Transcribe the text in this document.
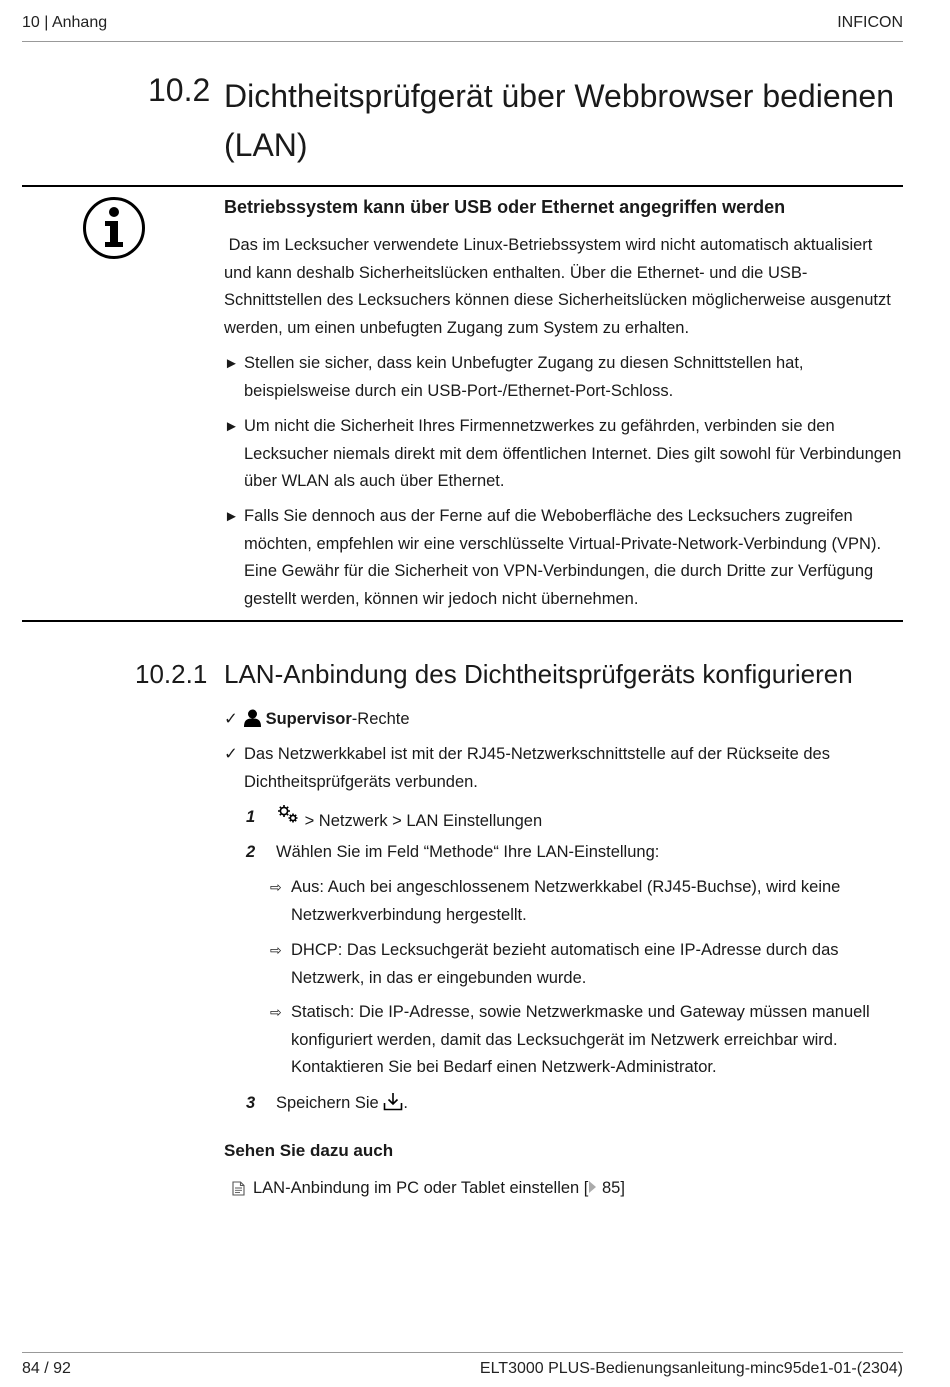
10 | Anhang	INFICON
10.2 Dichtheitsprüfgerät über Webbrowser bedienen (LAN)
Betriebssystem kann über USB oder Ethernet angegriffen werden
Das im Lecksucher verwendete Linux-Betriebssystem wird nicht automatisch aktualisiert und kann deshalb Sicherheitslücken enthalten. Über die Ethernet- und die USB-Schnittstellen des Lecksuchers können diese Sicherheitslücken möglicherweise ausgenutzt werden, um einen unbefugten Zugang zum System zu erhalten.
► Stellen sie sicher, dass kein Unbefugter Zugang zu diesen Schnittstellen hat, beispielsweise durch ein USB-Port-/Ethernet-Port-Schloss.
► Um nicht die Sicherheit Ihres Firmennetzwerkes zu gefährden, verbinden sie den Lecksucher niemals direkt mit dem öffentlichen Internet. Dies gilt sowohl für Verbindungen über WLAN als auch über Ethernet.
► Falls Sie dennoch aus der Ferne auf die Weboberfläche des Lecksuchers zugreifen möchten, empfehlen wir eine verschlüsselte Virtual-Private-Network-Verbindung (VPN). Eine Gewähr für die Sicherheit von VPN-Verbindungen, die durch Dritte zur Verfügung gestellt werden, können wir jedoch nicht übernehmen.
10.2.1 LAN-Anbindung des Dichtheitsprüfgeräts konfigurieren
✓	Supervisor-Rechte
✓ Das Netzwerkkabel ist mit der RJ45-Netzwerkschnittstelle auf der Rückseite des Dichtheitsprüfgeräts verbunden.
1	> Netzwerk > LAN Einstellungen
2	Wählen Sie im Feld “Methode“ Ihre LAN-Einstellung:
⇨ Aus: Auch bei angeschlossenem Netzwerkkabel (RJ45-Buchse), wird keine Netzwerkverbindung hergestellt.
⇨ DHCP: Das Lecksuchgerät bezieht automatisch eine IP-Adresse durch das Netzwerk, in das er eingebunden wurde.
⇨ Statisch: Die IP-Adresse, sowie Netzwerkmaske und Gateway müssen manuell konfiguriert werden, damit das Lecksuchgerät im Netzwerk erreichbar wird. Kontaktieren Sie bei Bedarf einen Netzwerk-Administrator.
3	Speichern Sie .
Sehen Sie dazu auch
LAN-Anbindung im PC oder Tablet einstellen [ 85]
84 / 92	ELT3000 PLUS-Bedienungsanleitung-minc95de1-01-(2304)
